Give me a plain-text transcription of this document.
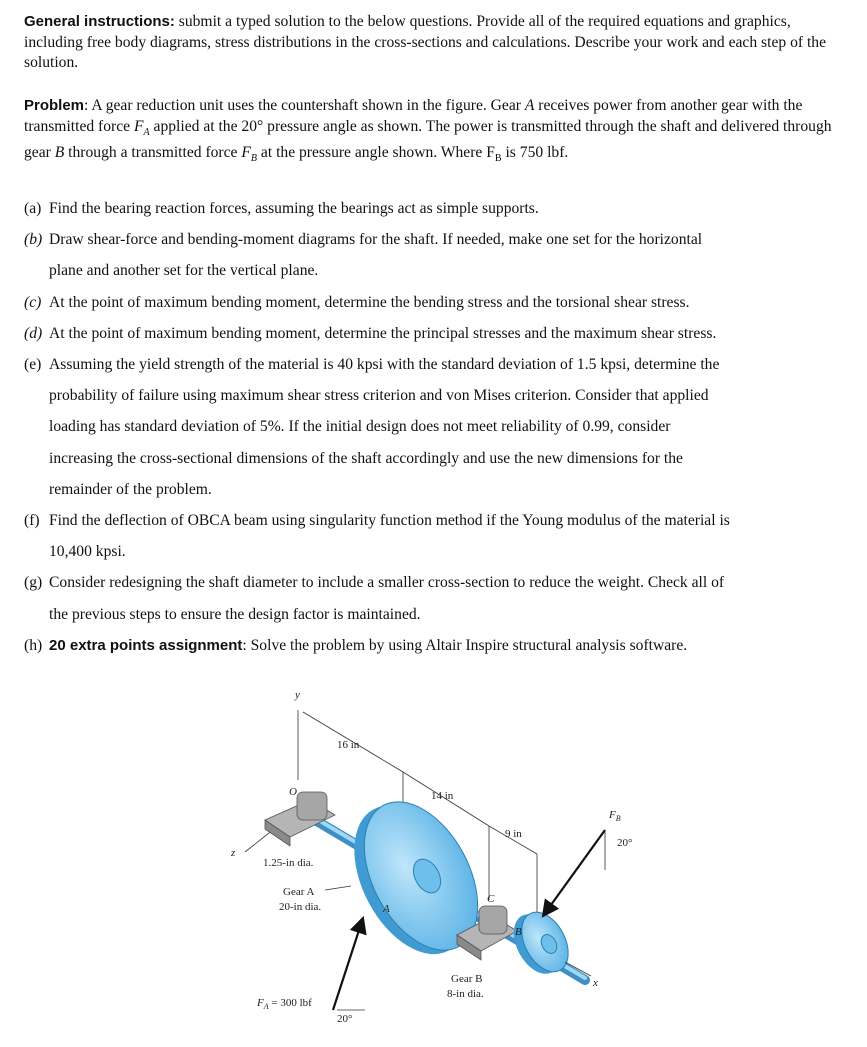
General instructions: submit a typed solution to the below questions. Provide all of the required equations and graphics, including free body diagrams, stress distributions in the cross-sections and calculations. Describe your work and each step of the solution.
Problem: A gear reduction unit uses the countershaft shown in the figure. Gear A receives power from another gear with the transmitted force $F_A$ applied at the 20° pressure angle as shown. The power is transmitted through the shaft and delivered through gear B through a transmitted force $F_B$ at the pressure angle shown. Where $F_B$ is 750 lbf.
(a) Find the bearing reaction forces, assuming the bearings act as simple supports.
(b) Draw shear-force and bending-moment diagrams for the shaft. If needed, make one set for the horizontal
plane and another set for the vertical plane.
(c) At the point of maximum bending moment, determine the bending stress and the torsional shear stress.
(d) At the point of maximum bending moment, determine the principal stresses and the maximum shear stress.
(e) Assuming the yield strength of the material is 40 kpsi with the standard deviation of 1.5 kpsi, determine the
probability of failure using maximum shear stress criterion and von Mises criterion. Consider that applied
loading has standard deviation of 5%. If the initial design does not meet reliability of 0.99, consider
increasing the cross-sectional dimensions of the shaft accordingly and use the new dimensions for the
remainder of the problem.
(f) Find the deflection of OBCA beam using singularity function method if the Young modulus of the material is
10,400 kpsi.
(g) Consider redesigning the shaft diameter to include a smaller cross-section to reduce the weight. Check all of
the previous steps to ensure the design factor is maintained.
(h) 20 extra points assignment: Solve the problem by using Altair Inspire structural analysis software.
y
z
O
16 in
14 in
9 in
1.25-in dia.
A
Gear A
20-in dia.
$F_A = 300$ lbf
20°
C
B
Gear B
8-in dia.
x
$F_B$
20°
